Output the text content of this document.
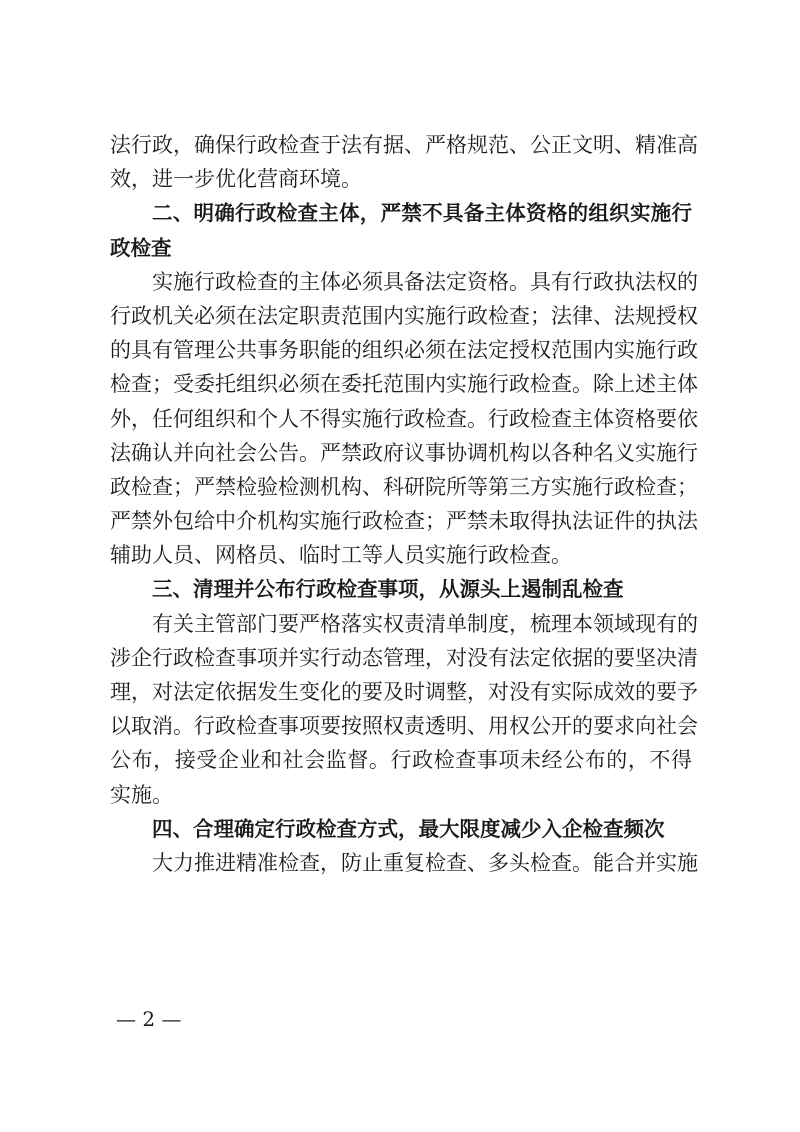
法行政，确保行政检查于法有据、严格规范、公正文明、精准高
效，进一步优化营商环境。
二、明确行政检查主体，严禁不具备主体资格的组织实施行
政检查
实施行政检查的主体必须具备法定资格。具有行政执法权的
行政机关必须在法定职责范围内实施行政检查；法律、法规授权
的具有管理公共事务职能的组织必须在法定授权范围内实施行政
检查；受委托组织必须在委托范围内实施行政检查。除上述主体
外，任何组织和个人不得实施行政检查。行政检查主体资格要依
法确认并向社会公告。严禁政府议事协调机构以各种名义实施行
政检查；严禁检验检测机构、科研院所等第三方实施行政检查；
严禁外包给中介机构实施行政检查；严禁未取得执法证件的执法
辅助人员、网格员、临时工等人员实施行政检查。
三、清理并公布行政检查事项，从源头上遏制乱检查
有关主管部门要严格落实权责清单制度，梳理本领域现有的
涉企行政检查事项并实行动态管理，对没有法定依据的要坚决清
理，对法定依据发生变化的要及时调整，对没有实际成效的要予
以取消。行政检查事项要按照权责透明、用权公开的要求向社会
公布，接受企业和社会监督。行政检查事项未经公布的，不得
实施。
四、合理确定行政检查方式，最大限度减少入企检查频次
大力推进精准检查，防止重复检查、多头检查。能合并实施
— 2 —
